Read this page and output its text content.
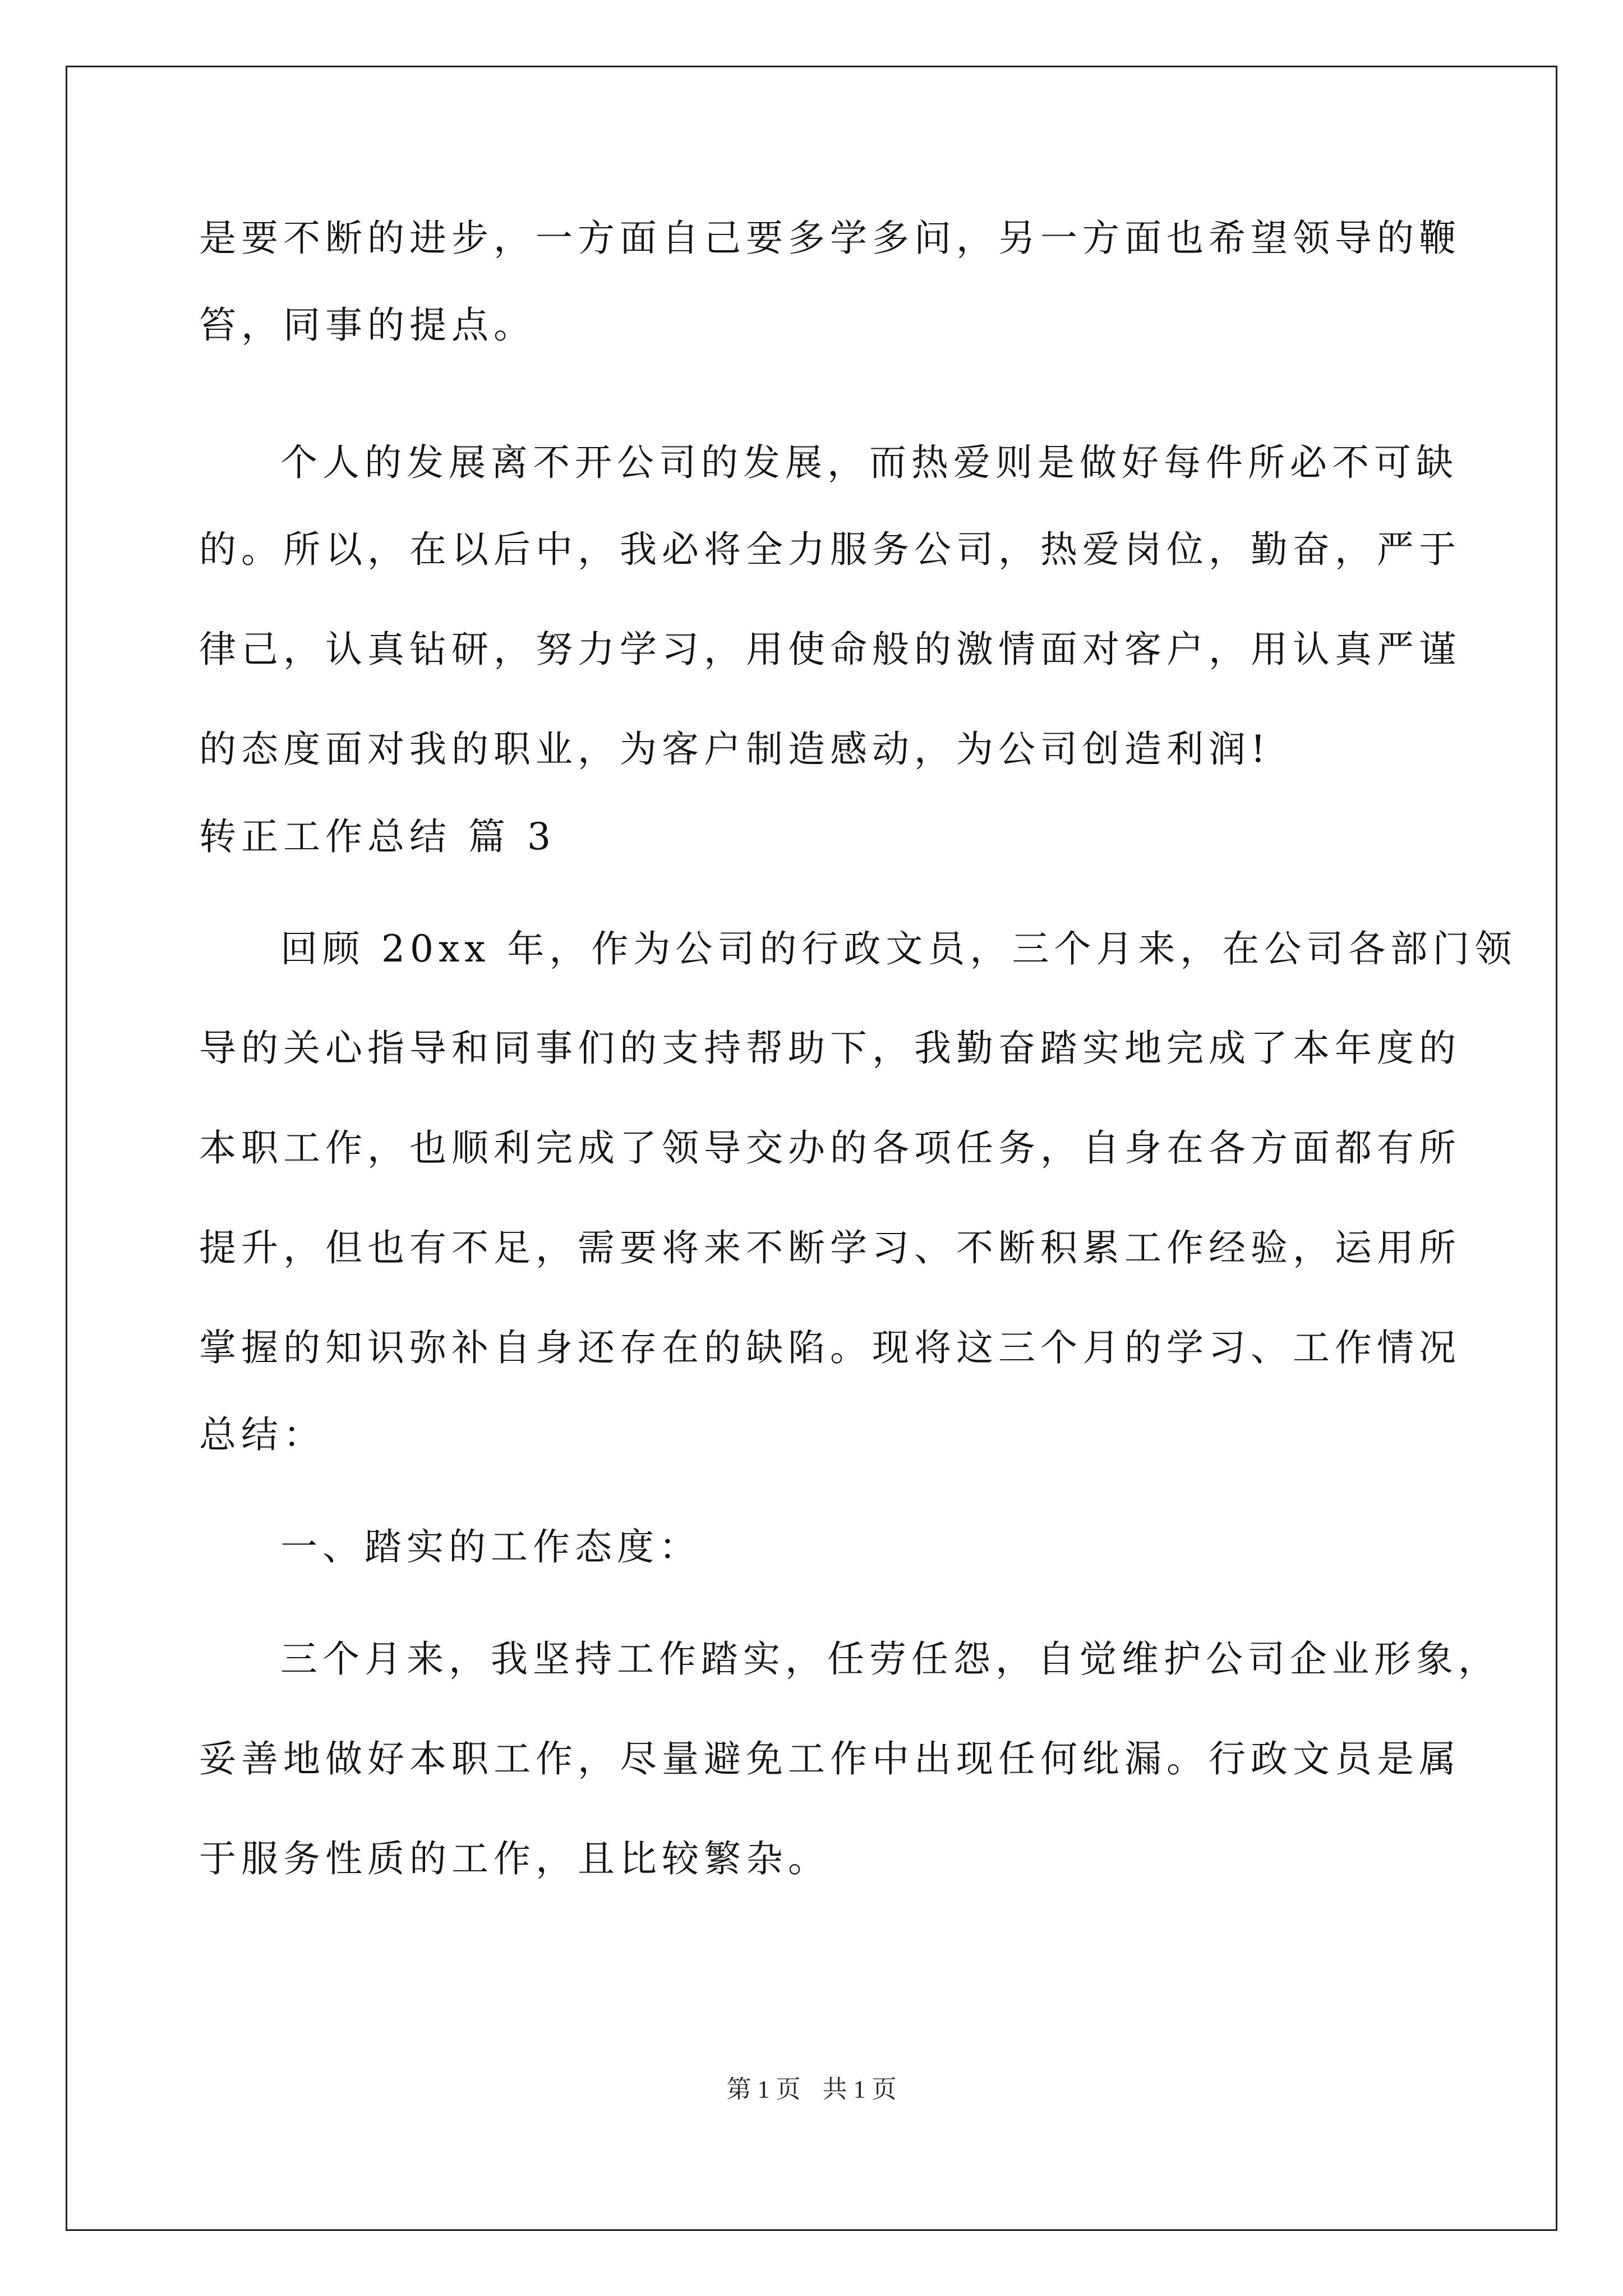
是要不断的进步，一方面自己要多学多问，另一方面也希望领导的鞭
笞，同事的提点。
个人的发展离不开公司的发展，而热爱则是做好每件所必不可缺
的。所以，在以后中，我必将全力服务公司，热爱岗位，勤奋，严于
律己，认真钻研，努力学习，用使命般的激情面对客户，用认真严谨
的态度面对我的职业，为客户制造感动，为公司创造利润!
转正工作总结 篇 3
回顾 20xx 年，作为公司的行政文员，三个月来，在公司各部门领
导的关心指导和同事们的支持帮助下，我勤奋踏实地完成了本年度的
本职工作，也顺利完成了领导交办的各项任务，自身在各方面都有所
提升，但也有不足，需要将来不断学习、不断积累工作经验，运用所
掌握的知识弥补自身还存在的缺陷。现将这三个月的学习、工作情况
总结：
一、踏实的工作态度：
三个月来，我坚持工作踏实，任劳任怨，自觉维护公司企业形象，
妥善地做好本职工作，尽量避免工作中出现任何纰漏。行政文员是属
于服务性质的工作，且比较繁杂。
第 1 页 共 1 页
